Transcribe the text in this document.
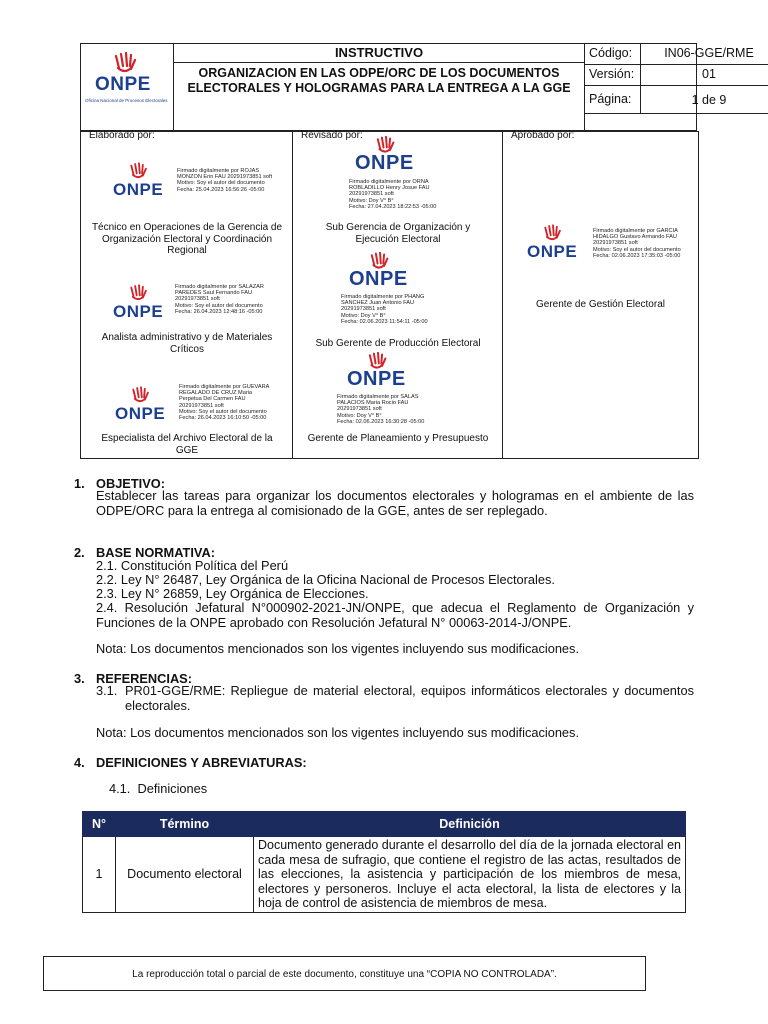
ONPE
Oficina Nacional de Procesos Electorales
INSTRUCTIVO
ORGANIZACION EN LAS ODPE/ORC DE LOS DOCUMENTOS ELECTORALES Y HOLOGRAMAS PARA LA ENTREGA A LA GGE
Código:	IN06-GGE/RME
Versión:	01
Página:	1 de 9
Elaborado por:
ONPE
Firmado digitalmente por ROJAS
MONZON Erin FAU 20291973851 soft
Motivo: Soy el autor del documento
Fecha: 25.04.2023 16:56:26 -05:00
Técnico en Operaciones de la Gerencia de Organización Electoral y Coordinación Regional
ONPE
Firmado digitalmente por SALAZAR
PAREDES Saul Fernando FAU
20291973851 soft
Motivo: Soy el autor del documento
Fecha: 26.04.2023 12:48:16 -05:00
Analista administrativo y de Materiales Críticos
ONPE
Firmado digitalmente por GUEVARA
REGALADO DE CRUZ Maria
Perpetua Del Carmen FAU
20291973851 soft
Motivo: Soy el autor del documento
Fecha: 26.04.2023 16:10:50 -05:00
Especialista del Archivo Electoral de la GGE
Revisado por:
ONPE
Firmado digitalmente por ORNA
ROBLADILLO Henry Josue FAU
20291973851 soft
Motivo: Doy V° B°
Fecha: 27.04.2023 18:22:53 -05:00
Sub Gerencia de Organización y Ejecución Electoral
ONPE
Firmado digitalmente por PHANG
SANCHEZ Juan Antonio FAU
20291973851 soft
Motivo: Doy V° B°
Fecha: 02.06.2023 11:54:11 -05:00
Sub Gerente de Producción Electoral
ONPE
Firmado digitalmente por SALAS
PALACIOS Maria Rocio FAU
20291973851 soft
Motivo: Doy V° B°
Fecha: 02.06.2023 16:30:28 -05:00
Gerente de Planeamiento y Presupuesto
Aprobado por:
ONPE
Firmado digitalmente por GARCIA
HIDALGO Gustavo Armando FAU
20291973851 soft
Motivo: Soy el autor del documento
Fecha: 02.06.2023 17:35:03 -05:00
Gerente de Gestión Electoral
1. OBJETIVO:
Establecer las tareas para organizar los documentos electorales y hologramas en el ambiente de las ODPE/ORC para la entrega al comisionado de la GGE, antes de ser replegado.
2. BASE NORMATIVA:
2.1. Constitución Política del Perú
2.2. Ley N° 26487, Ley Orgánica de la Oficina Nacional de Procesos Electorales.
2.3. Ley N° 26859, Ley Orgánica de Elecciones.
2.4. Resolución Jefatural N°000902-2021-JN/ONPE, que adecua el Reglamento de Organización y Funciones de la ONPE aprobado con Resolución Jefatural N° 00063-2014-J/ONPE.
Nota: Los documentos mencionados son los vigentes incluyendo sus modificaciones.
3. REFERENCIAS:
3.1. PR01-GGE/RME: Repliegue de material electoral, equipos informáticos electorales y documentos electorales.
Nota: Los documentos mencionados son los vigentes incluyendo sus modificaciones.
4. DEFINICIONES Y ABREVIATURAS:
4.1.  Definiciones
N°	Término	Definición
1	Documento electoral	Documento generado durante el desarrollo del día de la jornada electoral en cada mesa de sufragio, que contiene el registro de las actas, resultados de las elecciones, la asistencia y participación de los miembros de mesa, electores y personeros. Incluye el acta electoral, la lista de electores y la hoja de control de asistencia de miembros de mesa.
La reproducción total o parcial de este documento, constituye una “COPIA NO CONTROLADA”.
